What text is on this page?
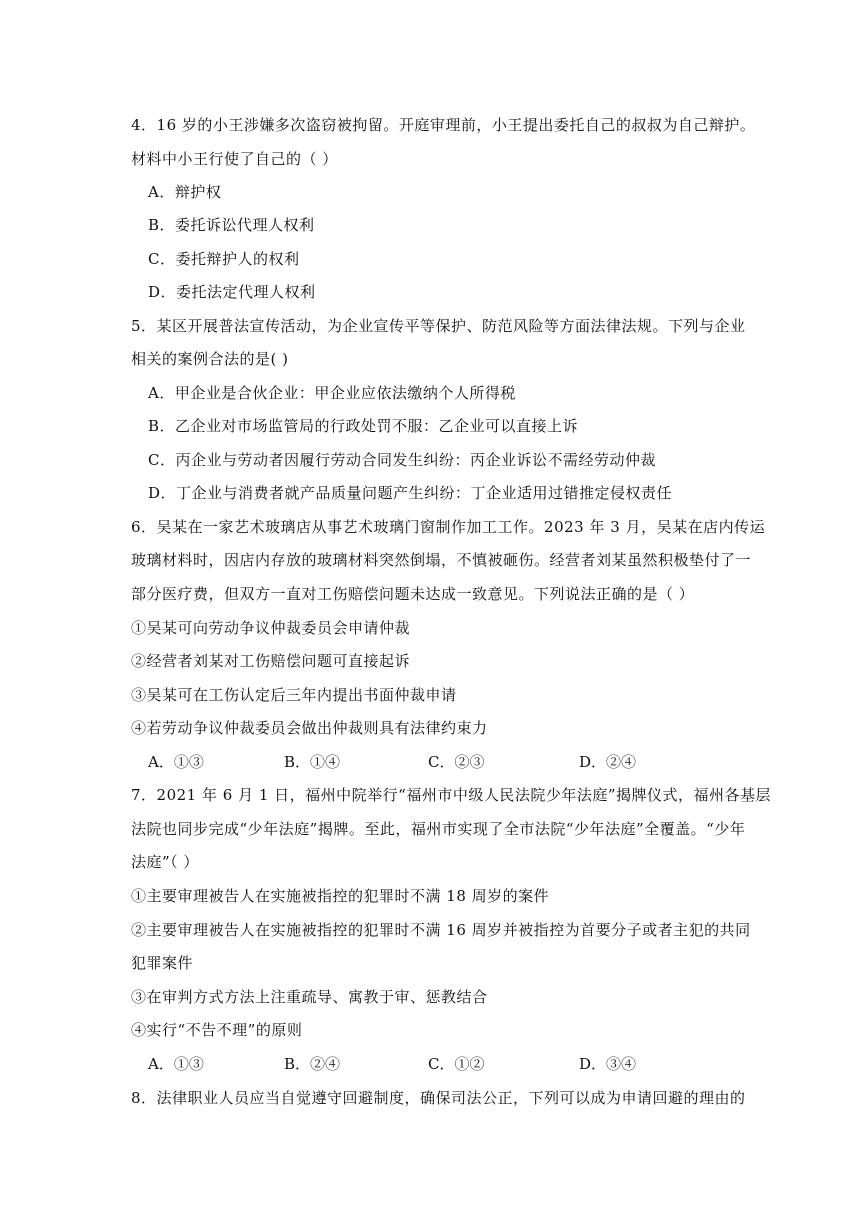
4．16 岁的小王涉嫌多次盗窃被拘留。开庭审理前，小王提出委托自己的叔叔为自己辩护。
材料中小王行使了自己的（ ）
A．辩护权
B．委托诉讼代理人权利
C．委托辩护人的权利
D．委托法定代理人权利
5．某区开展普法宣传活动，为企业宣传平等保护、防范风险等方面法律法规。下列与企业
相关的案例合法的是( )
A．甲企业是合伙企业：甲企业应依法缴纳个人所得税
B．乙企业对市场监管局的行政处罚不服：乙企业可以直接上诉
C．丙企业与劳动者因履行劳动合同发生纠纷：丙企业诉讼不需经劳动仲裁
D．丁企业与消费者就产品质量问题产生纠纷：丁企业适用过错推定侵权责任
6．吴某在一家艺术玻璃店从事艺术玻璃门窗制作加工工作。2023 年 3 月，吴某在店内传运
玻璃材料时，因店内存放的玻璃材料突然倒塌，不慎被砸伤。经营者刘某虽然积极垫付了一
部分医疗费，但双方一直对工伤赔偿问题未达成一致意见。下列说法正确的是（ ）
①吴某可向劳动争议仲裁委员会申请仲裁
②经营者刘某对工伤赔偿问题可直接起诉
③吴某可在工伤认定后三年内提出书面仲裁申请
④若劳动争议仲裁委员会做出仲裁则具有法律约束力
A．①③	B．①④	C．②③	D．②④
7．2021 年 6 月 1 日，福州中院举行“福州市中级人民法院少年法庭”揭牌仪式，福州各基层
法院也同步完成“少年法庭”揭牌。至此，福州市实现了全市法院“少年法庭”全覆盖。“少年
法庭”（ ）
①主要审理被告人在实施被指控的犯罪时不满 18 周岁的案件
②主要审理被告人在实施被指控的犯罪时不满 16 周岁并被指控为首要分子或者主犯的共同
犯罪案件
③在审判方式方法上注重疏导、寓教于审、惩教结合
④实行“不告不理”的原则
A．①③	B．②④	C．①②	D．③④
8．法律职业人员应当自觉遵守回避制度，确保司法公正，下列可以成为申请回避的理由的
